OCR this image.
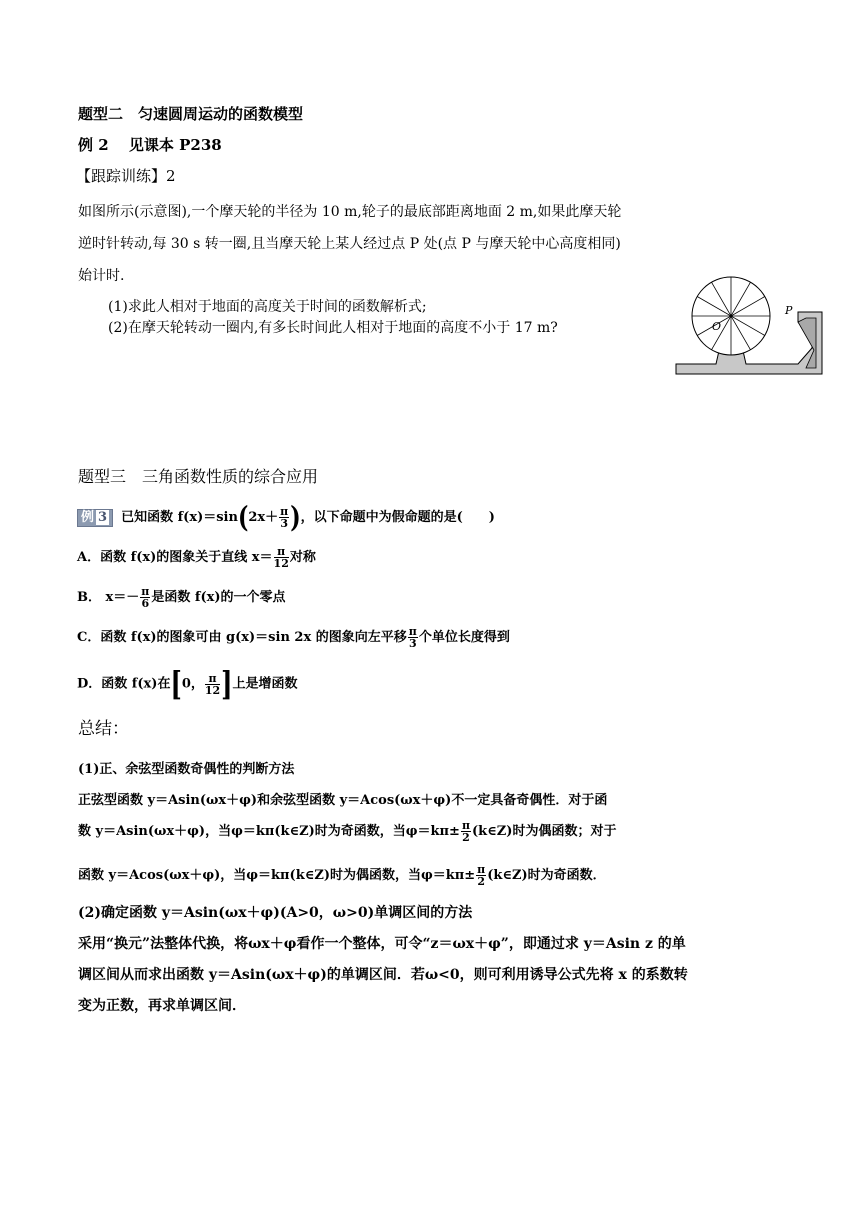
题型二　匀速圆周运动的函数模型
例 2　 见课本 P238
【跟踪训练】2
如图所示(示意图),一个摩天轮的半径为 10 m,轮子的最底部距离地面 2 m,如果此摩天轮
逆时针转动,每 30 s 转一圈,且当摩天轮上某人经过点 P 处(点 P 与摩天轮中心高度相同)
始计时.
(1)求此人相对于地面的高度关于时间的函数解析式;
(2)在摩天轮转动一圈内,有多长时间此人相对于地面的高度不小于 17 m?
P
O
题型三　三角函数性质的综合应用
例 3 已知函数 $f(x)=\sin(2x+ \frac{\pi}{3}$ )，以下命题中为假命题的是(　　)
A．函数 f(x)的图象关于直线 $x= \frac{\pi}{12}$ 对称
B． $x=- \frac{\pi}{6}$ 是函数 f(x)的一个零点
C．函数 f(x)的图象可由 g(x)＝sin 2x 的图象向左平移 $\frac{\pi}{3}$ 个单位长度得到
D．函数 f(x)在[0， $\frac{\pi}{12}$ ]上是增函数
总结：
(1)正、余弦型函数奇偶性的判断方法
正弦型函数 y＝Asin(ωx＋φ)和余弦型函数 y＝Acos(ωx＋φ)不一定具备奇偶性．对于函
数 y＝Asin(ωx＋φ)，当φ＝kπ(k∈Z)时为奇函数，当$\varphi=k\pi\pm \frac{\pi}{2}$ (k∈Z)时为偶函数；对于
函数 y＝Acos(ωx＋φ)，当φ＝kπ(k∈Z)时为偶函数，当$\varphi=k\pi\pm \frac{\pi}{2}$ (k∈Z)时为奇函数．
(2)确定函数 y＝Asin(ωx＋φ)(A>0，ω>0)单调区间的方法
采用“换元”法整体代换，将ωx＋φ看作一个整体，可令“z＝ωx＋φ”，即通过求 y＝Asin z 的单
调区间从而求出函数 y＝Asin(ωx＋φ)的单调区间．若ω<0，则可利用诱导公式先将 x 的系数转
变为正数，再求单调区间．
